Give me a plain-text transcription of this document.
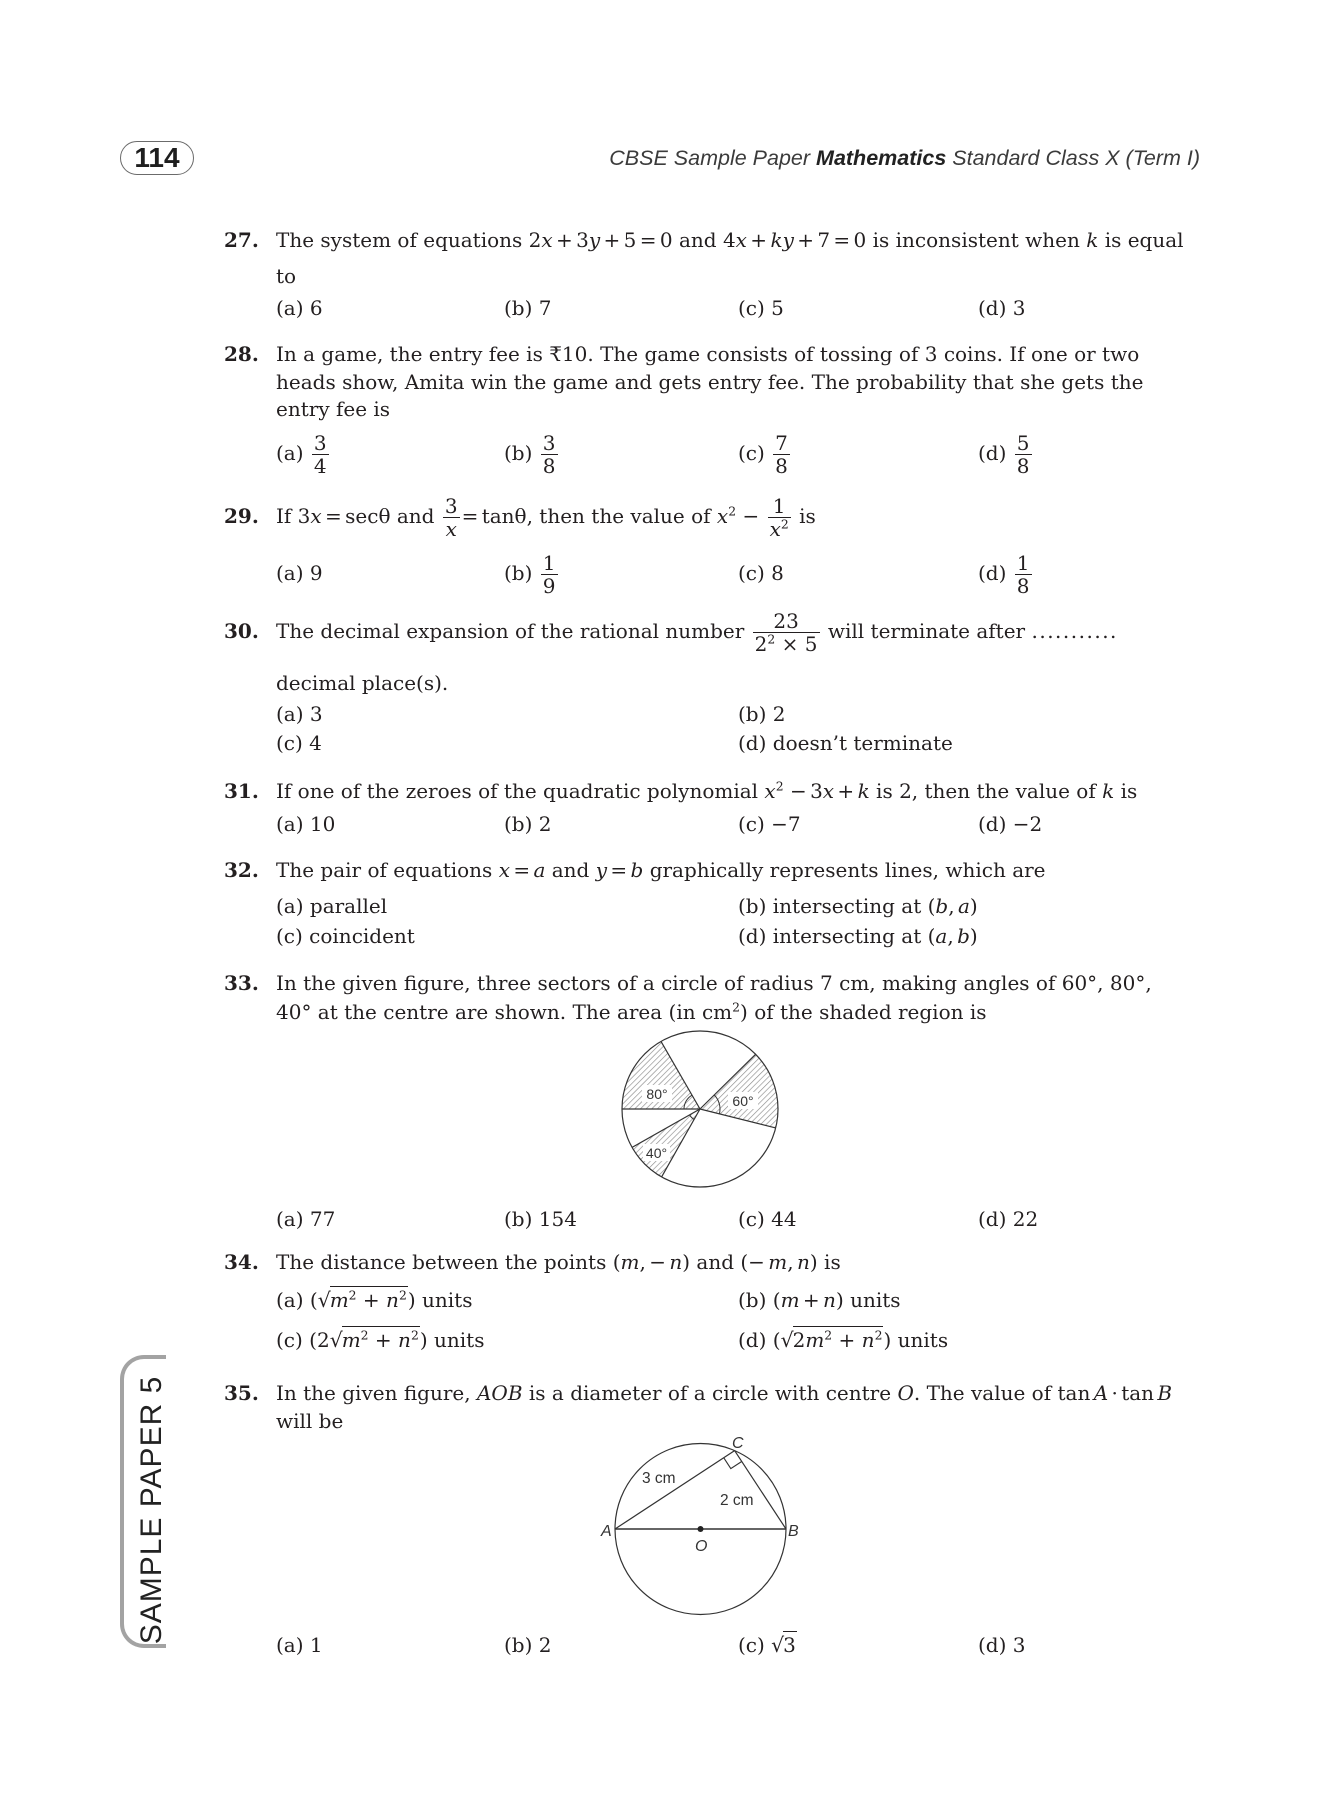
114	CBSE Sample Paper Mathematics Standard Class X (Term I)
27. The system of equations 2x + 3y + 5 = 0 and 4x + ky + 7 = 0 is inconsistent when k is equal
to
(a) 6	(b) 7	(c) 5	(d) 3
28. In a game, the entry fee is ₹10. The game consists of tossing of 3 coins. If one or two
heads show, Amita win the game and gets entry fee. The probability that she gets the
entry fee is
$(a) \frac{3}{4}$	$(b) \frac{3}{8}$	$(c) \frac{7}{8}$	$(d) \frac{5}{8}$
29. If 3x = secθ and $\frac{3}{x} = \tan\theta$, then the value of $x^2 - \frac{1}{x^2}$ is
(a) 9	$(b) \frac{1}{9}$	(c) 8	$(d) \frac{1}{8}$
30. The decimal expansion of the rational number $\frac{23}{2^2 \times 5}$ will terminate after ...........
decimal place(s).
(a) 3	(b) 2
(c) 4	(d) doesn’t terminate
31. If one of the zeroes of the quadratic polynomial $x^2 - 3x + k$ is 2, then the value of k is
(a) 10	(b) 2	(c) −7	(d) −2
32. The pair of equations x = a and y = b graphically represents lines, which are
(a) parallel	(b) intersecting at (b, a)
(c) coincident	(d) intersecting at (a, b)
33. In the given figure, three sectors of a circle of radius 7 cm, making angles of 60°, 80°,
40° at the centre are shown. The area (in $cm^2$) of the shaded region is
80°	60°
40°
(a) 77	(b) 154	(c) 44	(d) 22
34. The distance between the points (m, − n) and (− m, n) is
(a) $(√m^2 + n^2)$ units	(b) (m + n) units
(c) $(2√m^2 + n^2)$ units	(d) $(√2m^2 + n^2)$ units
35. In the given figure, AOB is a diameter of a circle with centre O. The value of tan A · tan B
will be
C
A	B
O
3 cm
2 cm
(a) 1	(b) 2	(c) √3	(d) 3
SAMPLE PAPER 5
